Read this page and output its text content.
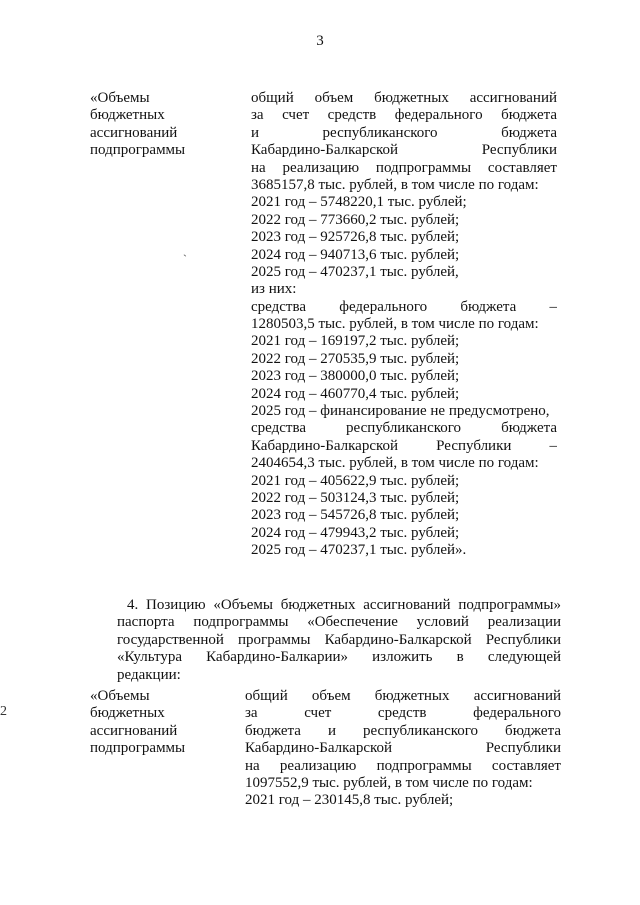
3
`
2
«Объемы
бюджетных
ассигнований
подпрограммы
общий объем бюджетных ассигнований
за счет средств федерального бюджета
и республиканского бюджета
Кабардино-Балкарской Республики
на реализацию подпрограммы составляет
3685157,8 тыс. рублей, в том числе по годам:
2021 год – 5748220,1 тыс. рублей;
2022 год – 773660,2 тыс. рублей;
2023 год – 925726,8 тыс. рублей;
2024 год – 940713,6 тыс. рублей;
2025 год – 470237,1 тыс. рублей,
из них:
средства федерального бюджета –
1280503,5 тыс. рублей, в том числе по годам:
2021 год – 169197,2 тыс. рублей;
2022 год – 270535,9 тыс. рублей;
2023 год – 380000,0 тыс. рублей;
2024 год – 460770,4 тыс. рублей;
2025 год – финансирование не предусмотрено,
средства республиканского бюджета
Кабардино-Балкарской Республики –
2404654,3 тыс. рублей, в том числе по годам:
2021 год – 405622,9 тыс. рублей;
2022 год – 503124,3 тыс. рублей;
2023 год – 545726,8 тыс. рублей;
2024 год – 479943,2 тыс. рублей;
2025 год – 470237,1 тыс. рублей».
4. Позицию «Объемы бюджетных ассигнований подпрограммы»
паспорта подпрограммы «Обеспечение условий реализации
государственной программы Кабардино-Балкарской Республики
«Культура Кабардино-Балкарии» изложить в следующей
редакции:
«Объемы
бюджетных
ассигнований
подпрограммы
общий объем бюджетных ассигнований
за счет средств федерального
бюджета и республиканского бюджета
Кабардино-Балкарской Республики
на реализацию подпрограммы составляет
1097552,9 тыс. рублей, в том числе по годам:
2021 год – 230145,8 тыс. рублей;
